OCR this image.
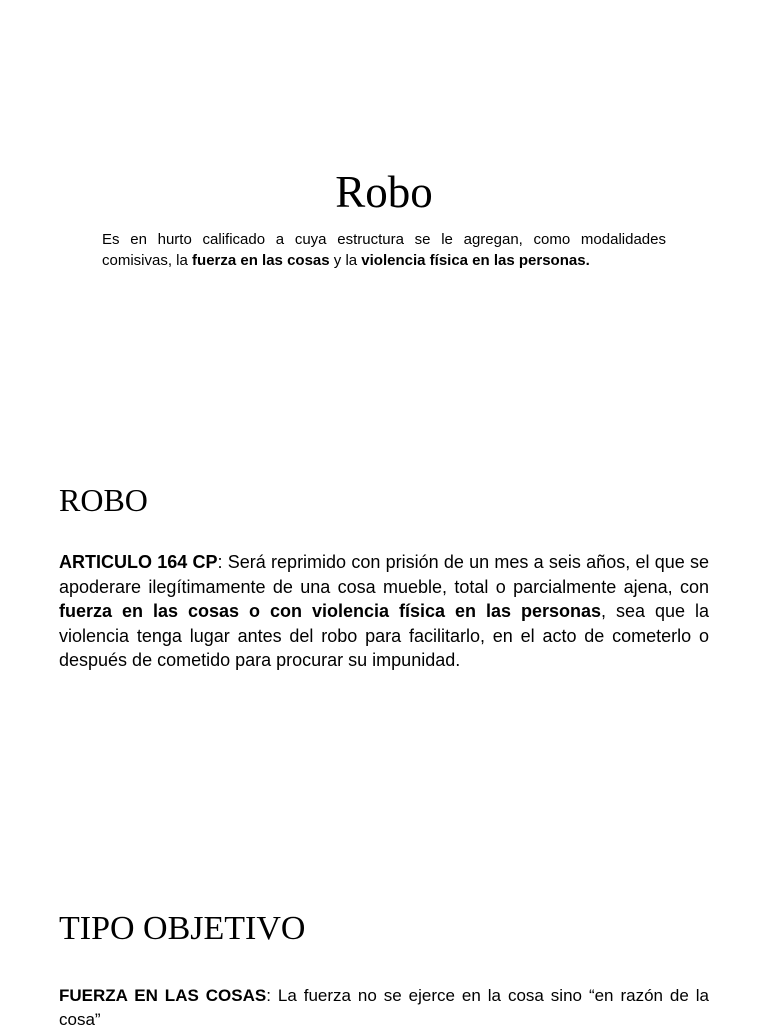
Robo

Es en hurto calificado a cuya estructura se le agregan, como modalidades comisivas, la fuerza en las cosas y la violencia física en las personas.

ROBO

ARTICULO 164 CP: Será reprimido con prisión de un mes a seis años, el que se apoderare ilegítimamente de una cosa mueble, total o parcialmente ajena, con fuerza en las cosas o con violencia física en las personas, sea que la violencia tenga lugar antes del robo para facilitarlo, en el acto de cometerlo o después de cometido para procurar su impunidad.

TIPO OBJETIVO

FUERZA EN LAS COSAS: La fuerza no se ejerce en la cosa sino “en razón de la cosa”
